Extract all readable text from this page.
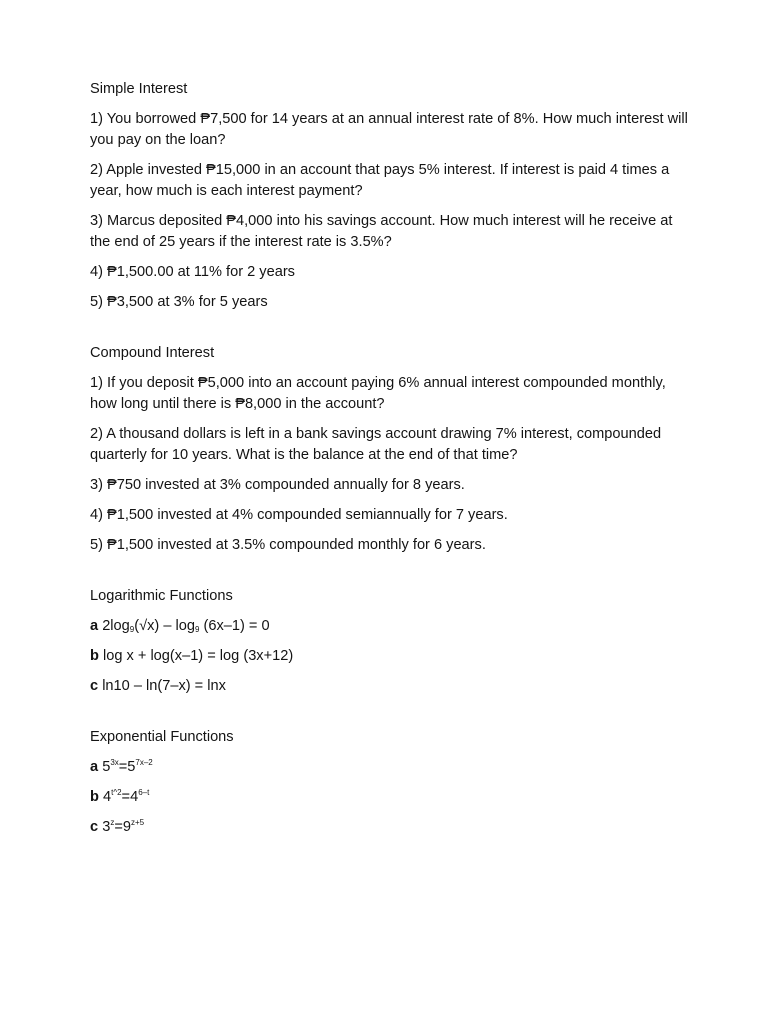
Simple Interest
1) You borrowed ₱7,500 for 14 years at an annual interest rate of 8%. How much interest will you pay on the loan?
2) Apple invested ₱15,000 in an account that pays 5% interest. If interest is paid 4 times a year, how much is each interest payment?
3) Marcus deposited ₱4,000 into his savings account. How much interest will he receive at the end of 25 years if the interest rate is 3.5%?
4) ₱1,500.00 at 11% for 2 years
5) ₱3,500 at 3% for 5 years
Compound Interest
1) If you deposit ₱5,000 into an account paying 6% annual interest compounded monthly, how long until there is ₱8,000 in the account?
2) A thousand dollars is left in a bank savings account drawing 7% interest, compounded quarterly for 10 years. What is the balance at the end of that time?
3) ₱750 invested at 3% compounded annually for 8 years.
4) ₱1,500 invested at 4% compounded semiannually for 7 years.
5) ₱1,500 invested at 3.5% compounded monthly for 6 years.
Logarithmic Functions
a $2\log_9(√x) - \log_9 (6x-1) = 0$
b log x + log(x–1) = log (3x+12)
c ln10 – ln(7–x) = lnx
Exponential Functions
a $5^{3x}=5^{7x-2}$
b $4^{t\^{}2}=4^{6-t}$
c $3^z=9^{z+5}$
